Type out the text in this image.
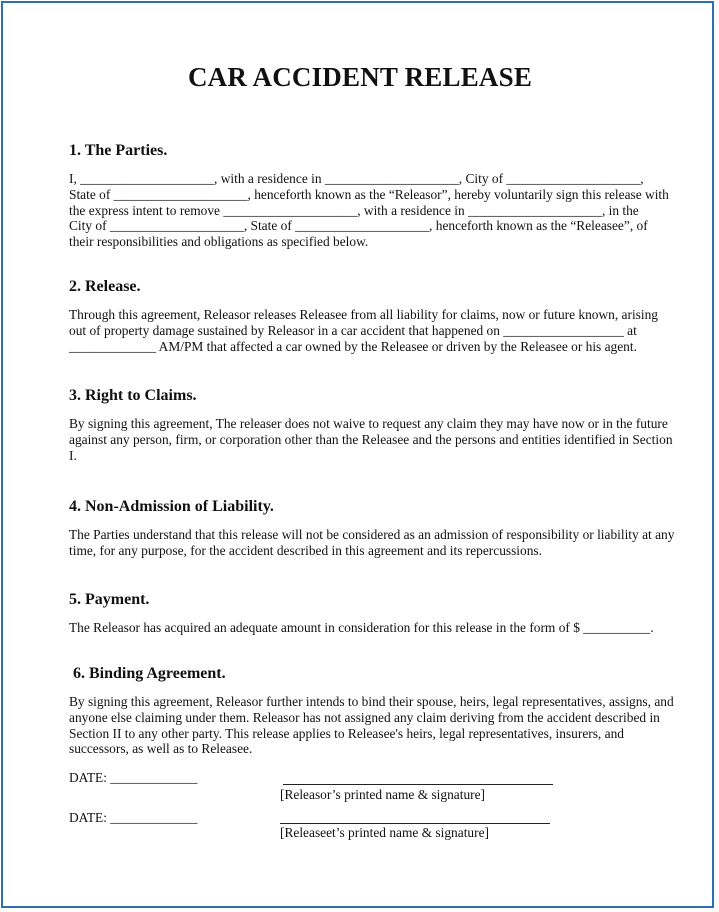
CAR ACCIDENT RELEASE
1. The Parties.
I, ____________________, with a residence in ____________________, City of ____________________,
State of ____________________, henceforth known as the “Releasor”, hereby voluntarily sign this release with
the express intent to remove ____________________, with a residence in ____________________, in the
City of ____________________, State of ____________________, henceforth known as the “Releasee”, of
their responsibilities and obligations as specified below.
2. Release.
Through this agreement, Releasor releases Releasee from all liability for claims, now or future known, arising
out of property damage sustained by Releasor in a car accident that happened on __________________ at
_____________ AM/PM that affected a car owned by the Releasee or driven by the Releasee or his agent.
3. Right to Claims.
By signing this agreement, The releaser does not waive to request any claim they may have now or in the future
against any person, firm, or corporation other than the Releasee and the persons and entities identified in Section
I.
4. Non-Admission of Liability.
The Parties understand that this release will not be considered as an admission of responsibility or liability at any
time, for any purpose, for the accident described in this agreement and its repercussions.
5. Payment.
The Releasor has acquired an adequate amount in consideration for this release in the form of $ __________.
6. Binding Agreement.
By signing this agreement, Releasor further intends to bind their spouse, heirs, legal representatives, assigns, and
anyone else claiming under them. Releasor has not assigned any claim deriving from the accident described in
Section II to any other party. This release applies to Releasee's heirs, legal representatives, insurers, and
successors, as well as to Releasee.
DATE: _____________
[Releasor’s printed name & signature]
DATE: _____________
[Releaseet’s printed name & signature]
